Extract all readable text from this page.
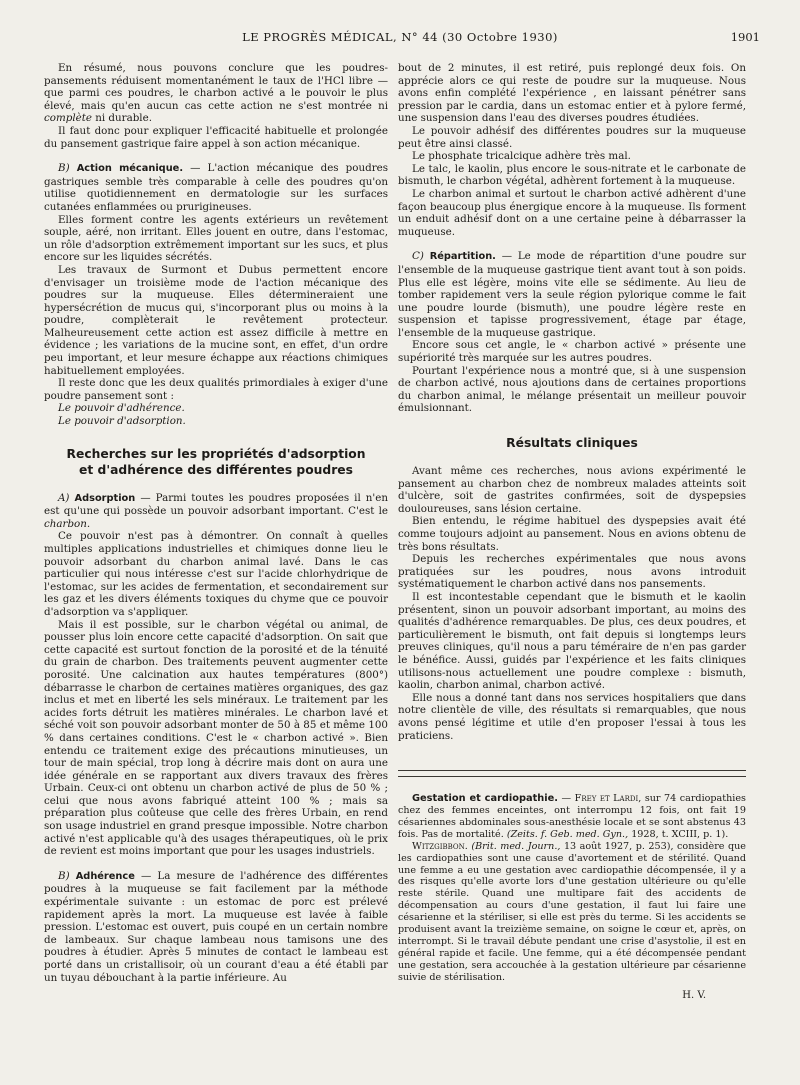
LE PROGRÈS MÉDICAL, N° 44 (30 Octobre 1930)	1901

En résumé, nous pouvons conclure que les poudres-pansements réduisent momentanément le taux de l'HCl libre — que parmi ces poudres, le charbon activé a le pouvoir le plus élevé, mais qu'en aucun cas cette action ne s'est montrée ni complète ni durable.

Il faut donc pour expliquer l'efficacité habituelle et prolongée du pansement gastrique faire appel à son action mécanique.

B) Action mécanique. — L'action mécanique des poudres gastriques semble très comparable à celle des poudres qu'on utilise quotidiennement en dermatologie sur les surfaces cutanées enflammées ou prurigineuses.

Elles forment contre les agents extérieurs un revêtement souple, aéré, non irritant. Elles jouent en outre, dans l'estomac, un rôle d'adsorption extrêmement important sur les sucs, et plus encore sur les liquides sécrétés.

Les travaux de Surmont et Dubus permettent encore d'envisager un troisième mode de l'action mécanique des poudres sur la muqueuse. Elles détermineraient une hypersécrétion de mucus qui, s'incorporant plus ou moins à la poudre, complèterait le revêtement protecteur. Malheureusement cette action est assez difficile à mettre en évidence ; les variations de la mucine sont, en effet, d'un ordre peu important, et leur mesure échappe aux réactions chimiques habituellement employées.

Il reste donc que les deux qualités primordiales à exiger d'une poudre pansement sont :

Le pouvoir d'adhérence.

Le pouvoir d'adsorption.

Recherches sur les propriétés d'adsorption
et d'adhérence des différentes poudres

A) Adsorption — Parmi toutes les poudres proposées il n'en est qu'une qui possède un pouvoir adsorbant important. C'est le charbon.

Ce pouvoir n'est pas à démontrer. On connaît à quelles multiples applications industrielles et chimiques donne lieu le pouvoir adsorbant du charbon animal lavé. Dans le cas particulier qui nous intéresse c'est sur l'acide chlorhydrique de l'estomac, sur les acides de fermentation, et secondairement sur les gaz et les divers éléments toxiques du chyme que ce pouvoir d'adsorption va s'appliquer.

Mais il est possible, sur le charbon végétal ou animal, de pousser plus loin encore cette capacité d'adsorption. On sait que cette capacité est surtout fonction de la porosité et de la ténuité du grain de charbon. Des traitements peuvent augmenter cette porosité. Une calcination aux hautes températures (800°) débarrasse le charbon de certaines matières organiques, des gaz inclus et met en liberté les sels minéraux. Le traitement par les acides forts détruit les matières minérales. Le charbon lavé et séché voit son pouvoir adsorbant monter de 50 à 85 et même 100 % dans certaines conditions. C'est le « charbon activé ». Bien entendu ce traitement exige des précautions minutieuses, un tour de main spécial, trop long à décrire mais dont on aura une idée générale en se rapportant aux divers travaux des frères Urbain. Ceux-ci ont obtenu un charbon activé de plus de 50 % ; celui que nous avons fabriqué atteint 100 % ; mais sa préparation plus coûteuse que celle des frères Urbain, en rend son usage industriel en grand presque impossible. Notre charbon activé n'est applicable qu'à des usages thérapeutiques, où le prix de revient est moins important que pour les usages industriels.

B) Adhérence — La mesure de l'adhérence des différentes poudres à la muqueuse se fait facilement par la méthode expérimentale suivante : un estomac de porc est prélevé rapidement après la mort. La muqueuse est lavée à faible pression. L'estomac est ouvert, puis coupé en un certain nombre de lambeaux. Sur chaque lambeau nous tamisons une des poudres à étudier. Après 5 minutes de contact le lambeau est porté dans un cristallisoir, où un courant d'eau a été établi par un tuyau débouchant à la partie inférieure. Au

bout de 2 minutes, il est retiré, puis replongé deux fois. On apprécie alors ce qui reste de poudre sur la muqueuse. Nous avons enfin complété l'expérience , en laissant pénétrer sans pression par le cardia, dans un estomac entier et à pylore fermé, une suspension dans l'eau des diverses poudres étudiées.

Le pouvoir adhésif des différentes poudres sur la muqueuse peut être ainsi classé.

Le phosphate tricalcique adhère très mal.

Le talc, le kaolin, plus encore le sous-nitrate et le carbonate de bismuth, le charbon végétal, adhèrent fortement à la muqueuse.

Le charbon animal et surtout le charbon activé adhèrent d'une façon beaucoup plus énergique encore à la muqueuse. Ils forment un enduit adhésif dont on a une certaine peine à débarrasser la muqueuse.

C) Répartition. — Le mode de répartition d'une poudre sur l'ensemble de la muqueuse gastrique tient avant tout à son poids. Plus elle est légère, moins vite elle se sédimente. Au lieu de tomber rapidement vers la seule région pylorique comme le fait une poudre lourde (bismuth), une poudre légère reste en suspension et tapisse progressivement, étage par étage, l'ensemble de la muqueuse gastrique.

Encore sous cet angle, le « charbon activé » présente une supériorité très marquée sur les autres poudres.

Pourtant l'expérience nous a montré que, si à une suspension de charbon activé, nous ajoutions dans de certaines proportions du charbon animal, le mélange présentait un meilleur pouvoir émulsionnant.

Résultats cliniques

Avant même ces recherches, nous avions expérimenté le pansement au charbon chez de nombreux malades atteints soit d'ulcère, soit de gastrites confirmées, soit de dyspepsies douloureuses, sans lésion certaine.

Bien entendu, le régime habituel des dyspepsies avait été comme toujours adjoint au pansement. Nous en avions obtenu de très bons résultats.

Depuis les recherches expérimentales que nous avons pratiquées sur les poudres, nous avons introduit systématiquement le charbon activé dans nos pansements.

Il est incontestable cependant que le bismuth et le kaolin présentent, sinon un pouvoir adsorbant important, au moins des qualités d'adhérence remarquables. De plus, ces deux poudres, et particulièrement le bismuth, ont fait depuis si longtemps leurs preuves cliniques, qu'il nous a paru téméraire de n'en pas garder le bénéfice. Aussi, guidés par l'expérience et les faits cliniques utilisons-nous actuellement une poudre complexe : bismuth, kaolin, charbon animal, charbon activé.

Elle nous a donné tant dans nos services hospitaliers que dans notre clientèle de ville, des résultats si remarquables, que nous avons pensé légitime et utile d'en proposer l'essai à tous les praticiens.

Gestation et cardiopathie. — Frey et Lardi, sur 74 cardiopathies chez des femmes enceintes, ont interrompu 12 fois, ont fait 19 césariennes abdominales sous-anesthésie locale et se sont abstenus 43 fois. Pas de mortalité. (Zeits. f. Geb. med. Gyn., 1928, t. XCIII, p. 1).

Witzgibbon. (Brit. med. Journ., 13 août 1927, p. 253), considère que les cardiopathies sont une cause d'avortement et de stérilité. Quand une femme a eu une gestation avec cardiopathie décompensée, il y a des risques qu'elle avorte lors d'une gestation ultérieure ou qu'elle reste stérile. Quand une multipare fait des accidents de décompensation au cours d'une gestation, il faut lui faire une césarienne et la stériliser, si elle est près du terme. Si les accidents se produisent avant la treizième semaine, on soigne le cœur et, après, on interrompt. Si le travail débute pendant une crise d'asystolie, il est en général rapide et facile. Une femme, qui a été décompensée pendant une gestation, sera accouchée à la gestation ultérieure par césarienne suivie de stérilisation.

H. V.
